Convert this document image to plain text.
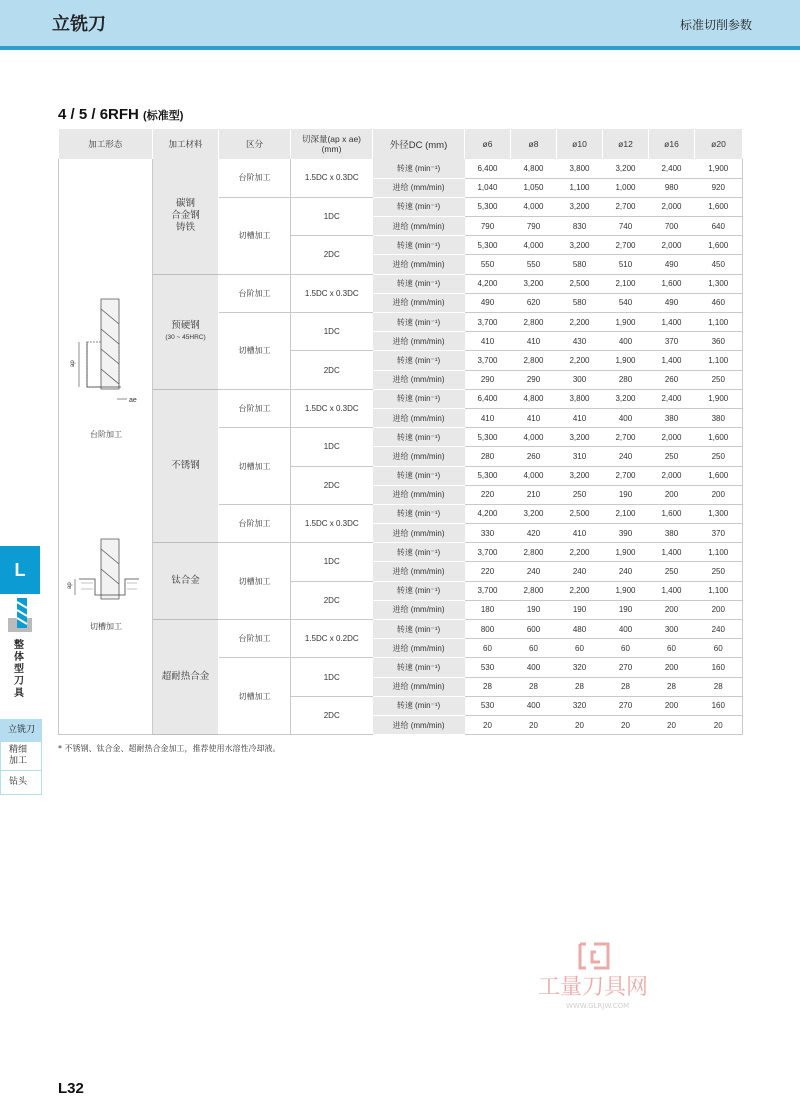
立铣刀	标准切削参数
4 / 5 / 6RFH (标准型)
加工形态	加工材料	区分	切深量(ap x ae)
(mm)	外径DC (mm)	ø6	ø8	ø10	ø12	ø16	ø20

ap
ae
台阶加工
ap
切槽加工	碳钢
合金钢
铸铁	台阶加工	1.5DC x 0.3DC	转速 (min⁻¹)	6,400	4,800	3,800	3,200	2,400	1,900
				进给 (mm/min)	1,040	1,050	1,100	1,000	980	920
		切槽加工	1DC	转速 (min⁻¹)	5,300	4,000	3,200	2,700	2,000	1,600
				进给 (mm/min)	790	790	830	740	700	640
			2DC	转速 (min⁻¹)	5,300	4,000	3,200	2,700	2,000	1,600
				进给 (mm/min)	550	550	580	510	490	450
	预硬钢
(30 ~ 45HRC)	台阶加工	1.5DC x 0.3DC	转速 (min⁻¹)	4,200	3,200	2,500	2,100	1,600	1,300
				进给 (mm/min)	490	620	580	540	490	460
		切槽加工	1DC	转速 (min⁻¹)	3,700	2,800	2,200	1,900	1,400	1,100
				进给 (mm/min)	410	410	430	400	370	360
			2DC	转速 (min⁻¹)	3,700	2,800	2,200	1,900	1,400	1,100
				进给 (mm/min)	290	290	300	280	260	250
	不锈钢	台阶加工	1.5DC x 0.3DC	转速 (min⁻¹)	6,400	4,800	3,800	3,200	2,400	1,900
				进给 (mm/min)	410	410	410	400	380	380
		切槽加工	1DC	转速 (min⁻¹)	5,300	4,000	3,200	2,700	2,000	1,600
				进给 (mm/min)	280	260	310	240	250	250
			2DC	转速 (min⁻¹)	5,300	4,000	3,200	2,700	2,000	1,600
				进给 (mm/min)	220	210	250	190	200	200
		台阶加工	1.5DC x 0.3DC	转速 (min⁻¹)	4,200	3,200	2,500	2,100	1,600	1,300
				进给 (mm/min)	330	420	410	390	380	370
	钛合金	切槽加工	1DC	转速 (min⁻¹)	3,700	2,800	2,200	1,900	1,400	1,100
				进给 (mm/min)	220	240	240	240	250	250
			2DC	转速 (min⁻¹)	3,700	2,800	2,200	1,900	1,400	1,100
				进给 (mm/min)	180	190	190	190	200	200
	超耐热合金	台阶加工	1.5DC x 0.2DC	转速 (min⁻¹)	800	600	480	400	300	240
				进给 (mm/min)	60	60	60	60	60	60
		切槽加工	1DC	转速 (min⁻¹)	530	400	320	270	200	160
				进给 (mm/min)	28	28	28	28	28	28
			2DC	转速 (min⁻¹)	530	400	320	270	200	160
				进给 (mm/min)	20	20	20	20	20	20
* 不锈钢、钛合金、超耐热合金加工，推荐使用水溶性冷却液。
L
整体型刀具
立铣刀
精细
加工
钻头
工量刀具网
WWW.GLRJW.COM
L32
